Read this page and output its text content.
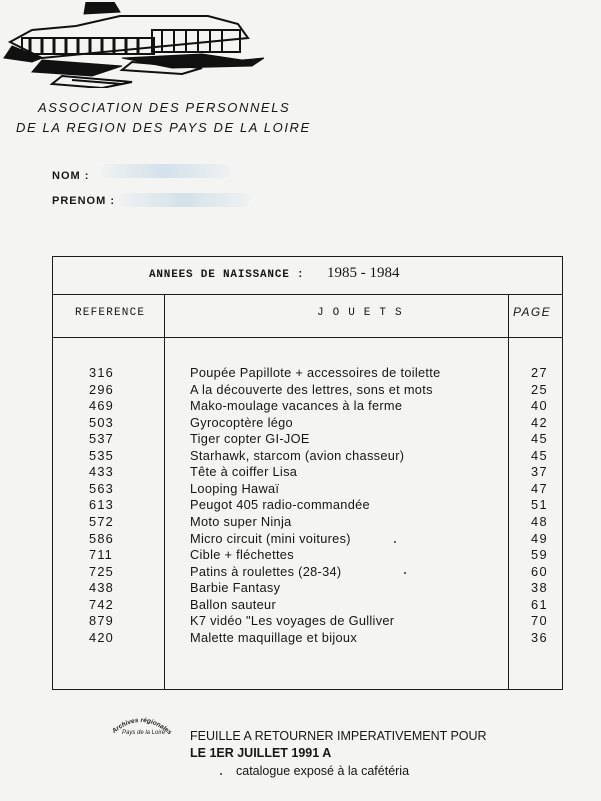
ASSOCIATION DES PERSONNELS
DE LA REGION DES PAYS DE LA LOIRE
NOM :
PRENOM :
ANNEES DE NAISSANCE : 1985 - 1984
REFERENCE	J O U E T S	PAGE
316	Poupée Papillote + accessoires de toilette	27
296	A la découverte des lettres, sons et mots	25
469	Mako-moulage vacances à la ferme	40
503	Gyrocoptère légo	42
537	Tiger copter GI-JOE	45
535	Starhawk, starcom (avion chasseur)	45
433	Tête à coiffer Lisa	37
563	Looping Hawaï	47
613	Peugot 405 radio-commandée	51
572	Moto super Ninja	48
586	Micro circuit (mini voitures)	49
711	Cible + fléchettes	59
725	Patins à roulettes (28-34)	60
438	Barbie Fantasy	38
742	Ballon sauteur	61
879	K7 vidéo "Les voyages de Gulliver	70
420	Malette maquillage et bijoux	36
Archives régionales
Pays de la Loire FEUILLE A RETOURNER IMPERATIVEMENT POUR
LE 1ER JUILLET 1991 A
catalogue exposé à la cafétéria
